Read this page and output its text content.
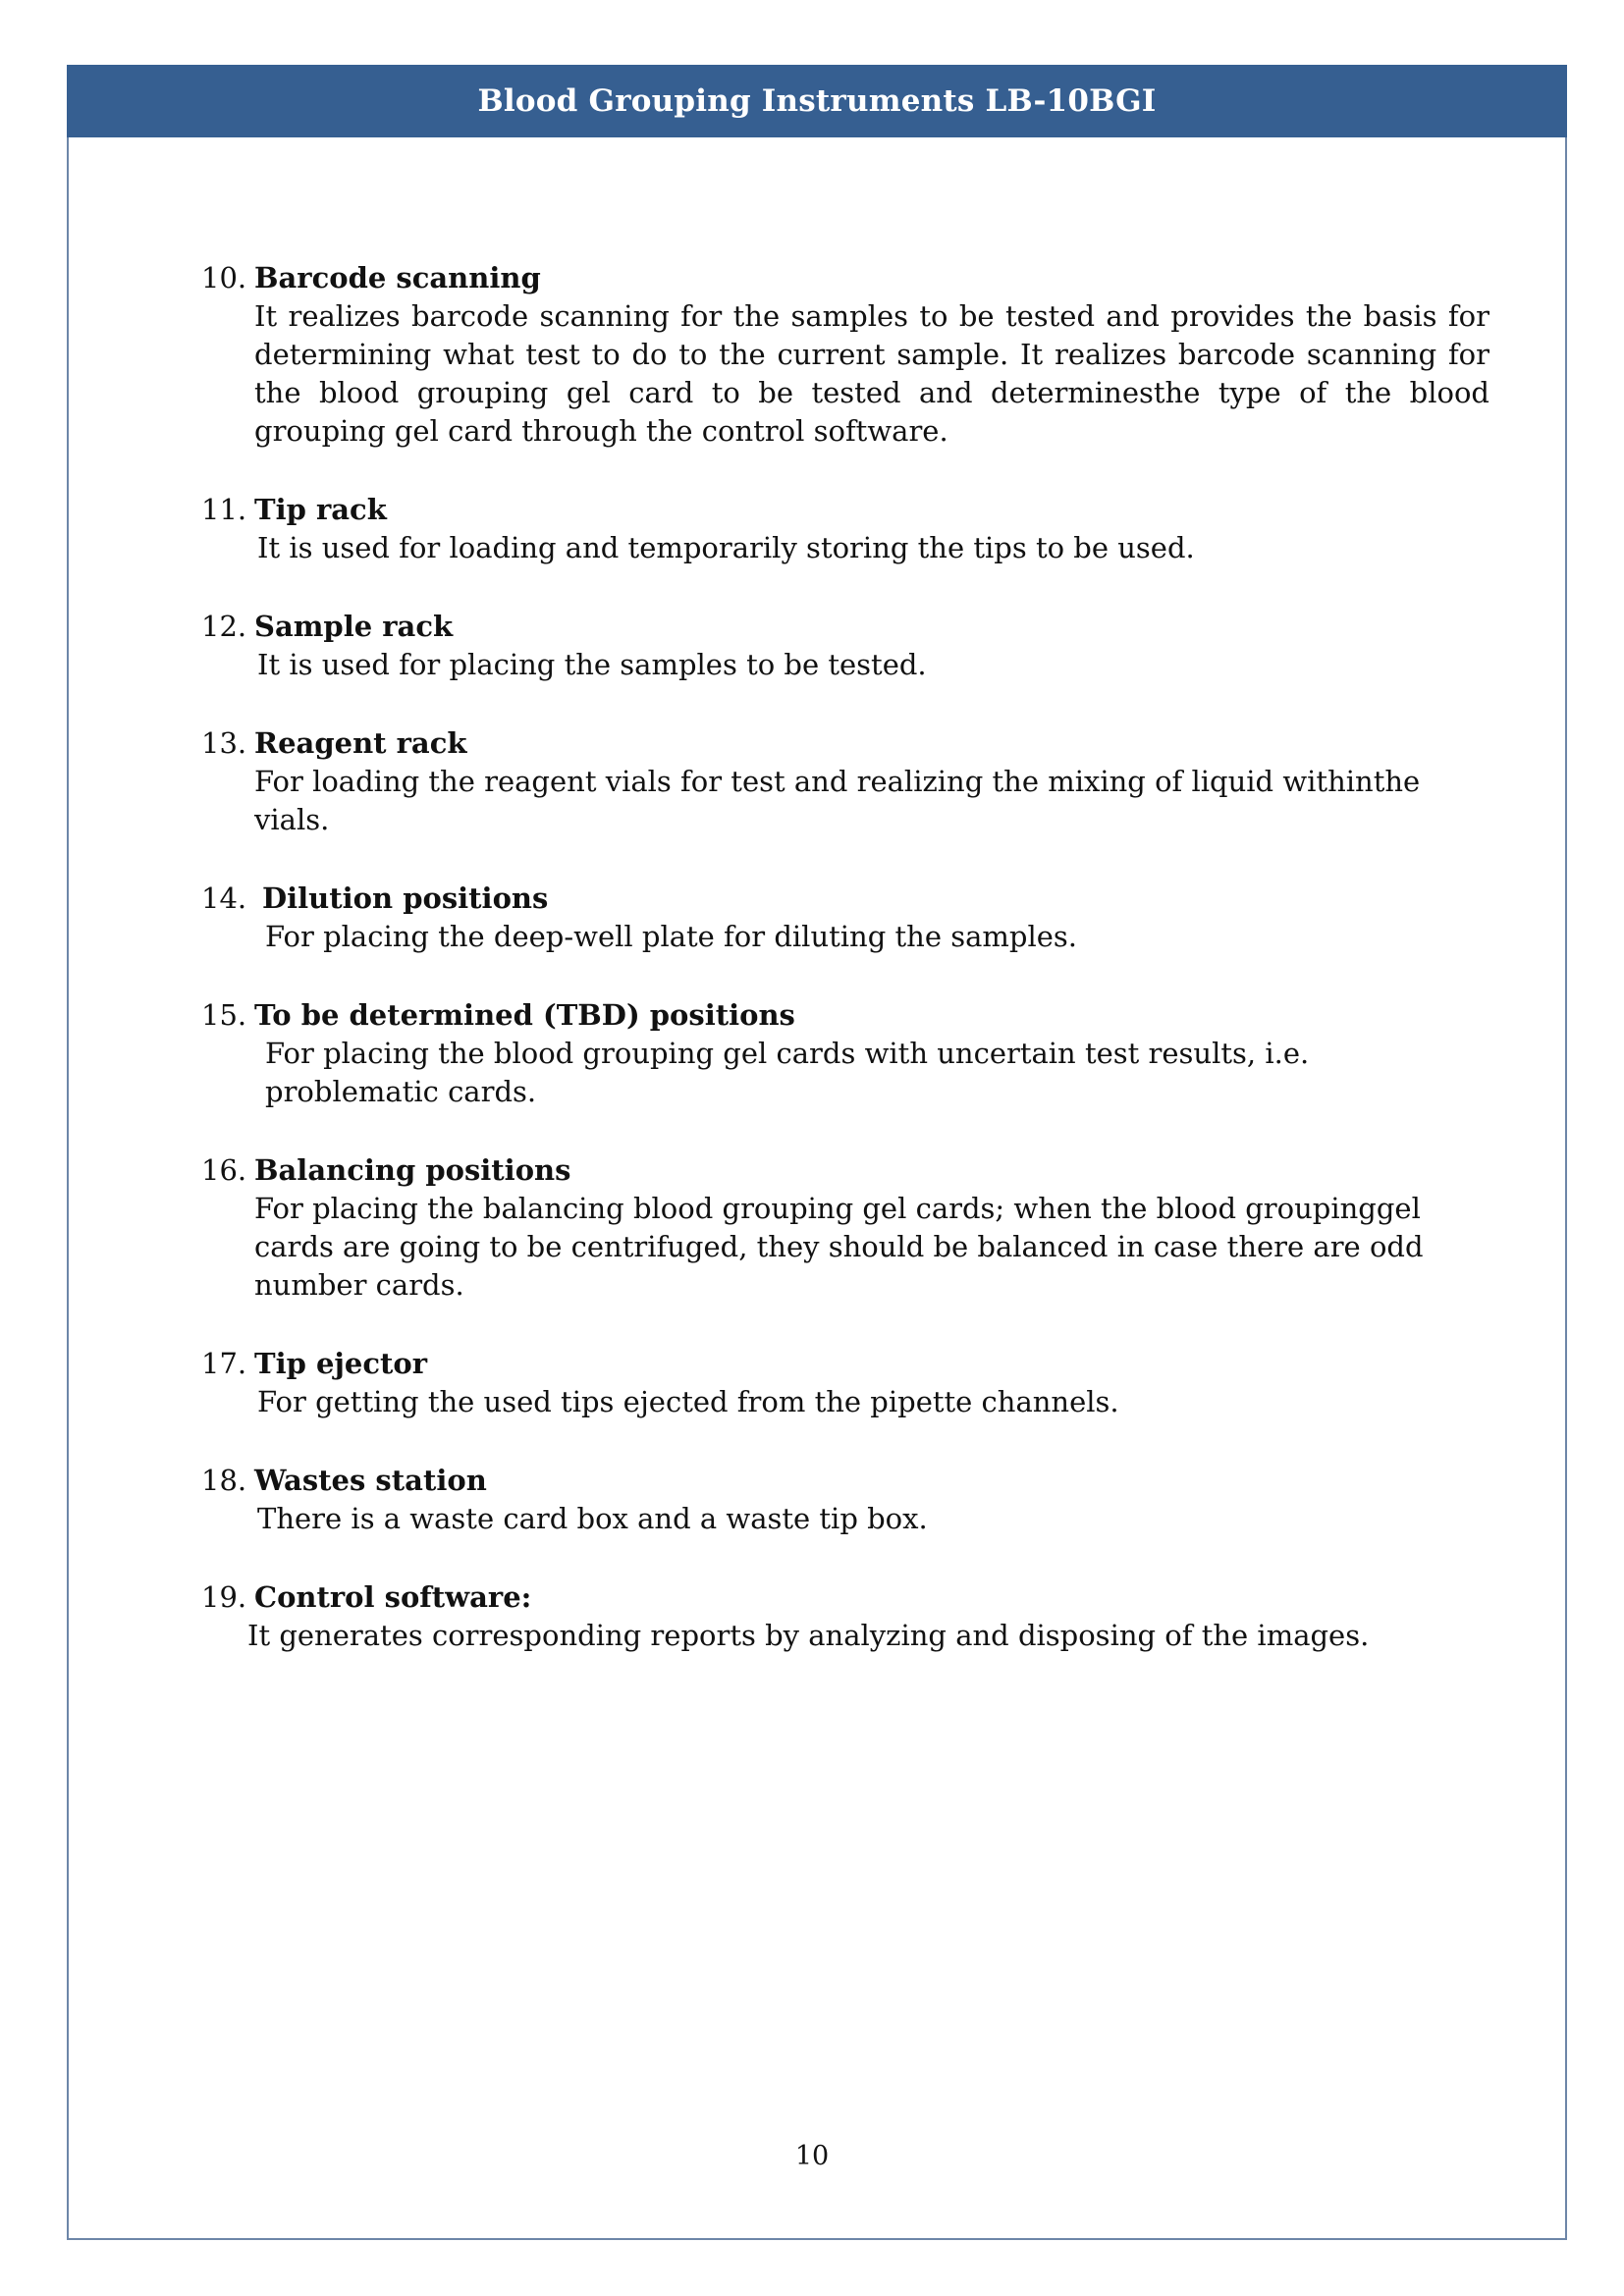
Blood Grouping Instruments LB-10BGI
10. Barcode scanning
It realizes barcode scanning for the samples to be tested and provides the basis for determining what test to do to the current sample. It realizes barcode scanning for the blood grouping gel card to be tested and determinesthe type of the blood grouping gel card through the control software.
11. Tip rack
It is used for loading and temporarily storing the tips to be used.
12. Sample rack
It is used for placing the samples to be tested.
13. Reagent rack
For loading the reagent vials for test and realizing the mixing of liquid withinthe vials.
14. Dilution positions
For placing the deep-well plate for diluting the samples.
15. To be determined (TBD) positions
For placing the blood grouping gel cards with uncertain test results, i.e. problematic cards.
16. Balancing positions
For placing the balancing blood grouping gel cards; when the blood groupinggel cards are going to be centrifuged, they should be balanced in case there are odd number cards.
17. Tip ejector
For getting the used tips ejected from the pipette channels.
18. Wastes station
There is a waste card box and a waste tip box.
19. Control software:
It generates corresponding reports by analyzing and disposing of the images.
10
